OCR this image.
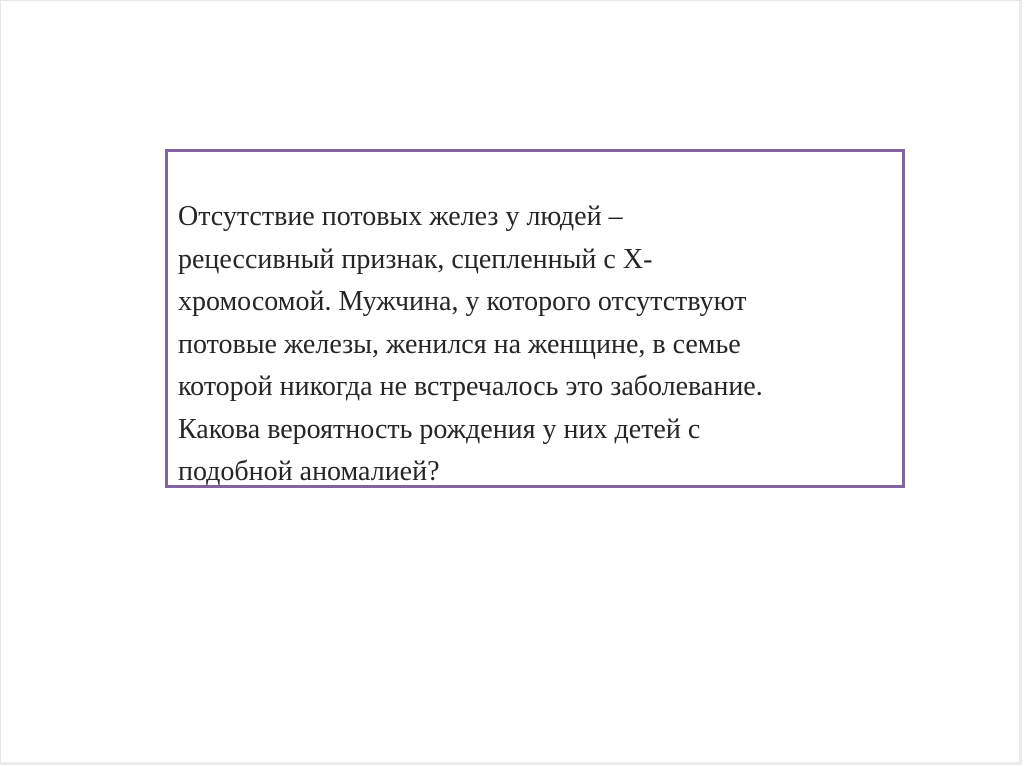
Отсутствие потовых желез у людей –
рецессивный признак, сцепленный с Х-
хромосомой. Мужчина, у которого отсутствуют
потовые железы, женился на женщине, в семье
которой никогда не встречалось это заболевание.
Какова вероятность рождения у них детей с
подобной аномалией?
